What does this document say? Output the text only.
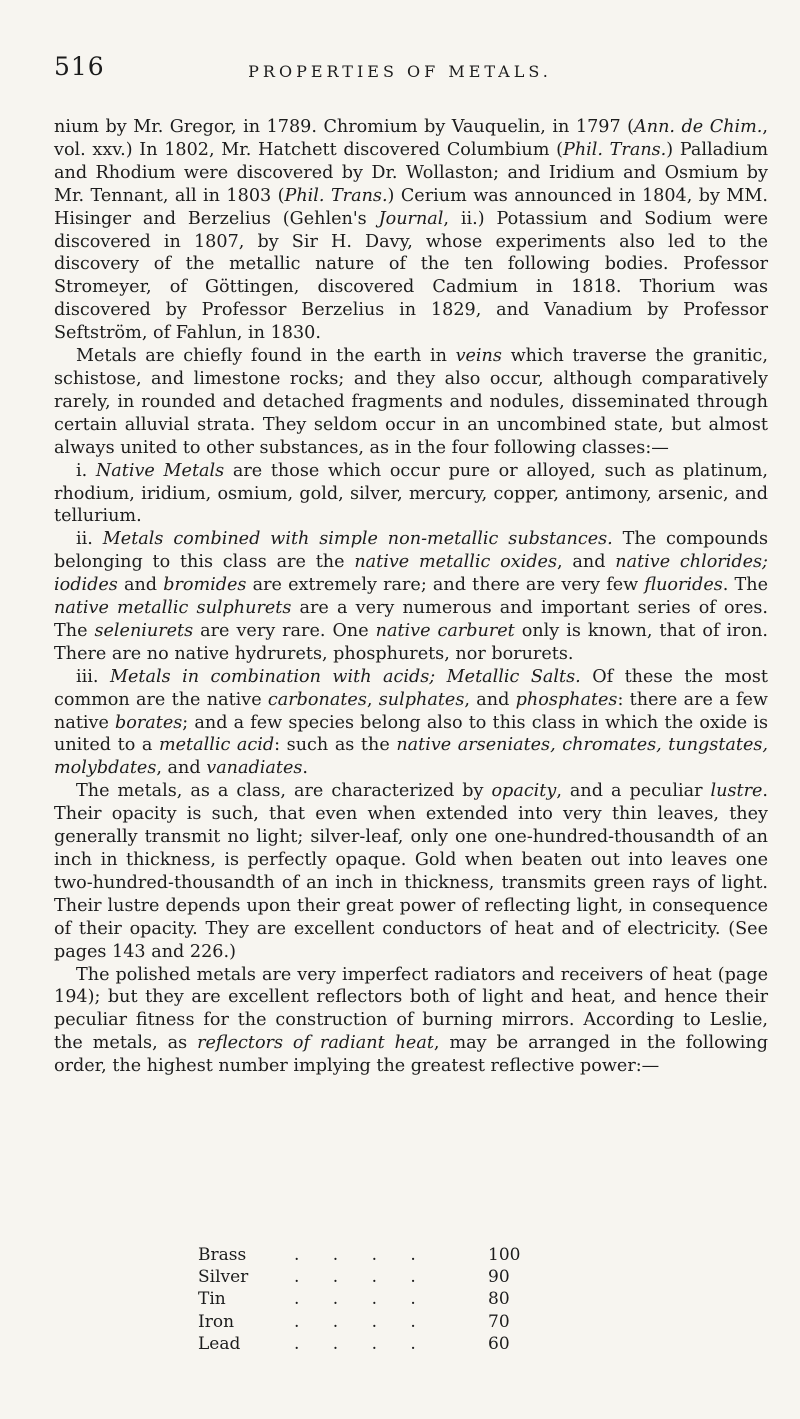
516	PROPERTIES OF METALS.

nium by Mr. Gregor, in 1789. Chromium by Vauquelin, in 1797 (Ann. de Chim., vol. xxv.) In 1802, Mr. Hatchett discovered Columbium (Phil. Trans.) Palladium and Rhodium were discovered by Dr. Wollaston; and Iridium and Osmium by Mr. Tennant, all in 1803 (Phil. Trans.) Cerium was announced in 1804, by MM. Hisinger and Berzelius (Gehlen's Journal, ii.) Potassium and Sodium were discovered in 1807, by Sir H. Davy, whose experiments also led to the discovery of the metallic nature of the ten following bodies. Professor Stromeyer, of Göttingen, discovered Cadmium in 1818. Thorium was discovered by Professor Berzelius in 1829, and Vanadium by Professor Seftström, of Fahlun, in 1830.

Metals are chiefly found in the earth in veins which traverse the granitic, schistose, and limestone rocks; and they also occur, although comparatively rarely, in rounded and detached fragments and nodules, disseminated through certain alluvial strata. They seldom occur in an uncombined state, but almost always united to other substances, as in the four following classes:—

i. Native Metals are those which occur pure or alloyed, such as platinum, rhodium, iridium, osmium, gold, silver, mercury, copper, antimony, arsenic, and tellurium.

ii. Metals combined with simple non-metallic substances. The compounds belonging to this class are the native metallic oxides, and native chlorides; iodides and bromides are extremely rare; and there are very few fluorides. The native metallic sulphurets are a very numerous and important series of ores. The seleniurets are very rare. One native carburet only is known, that of iron. There are no native hydrurets, phosphurets, nor borurets.

iii. Metals in combination with acids; Metallic Salts. Of these the most common are the native carbonates, sulphates, and phosphates: there are a few native borates; and a few species belong also to this class in which the oxide is united to a metallic acid: such as the native arseniates, chromates, tungstates, molybdates, and vanadiates.

The metals, as a class, are characterized by opacity, and a peculiar lustre. Their opacity is such, that even when extended into very thin leaves, they generally transmit no light; silver-leaf, only one one-hundred-thousandth of an inch in thickness, is perfectly opaque. Gold when beaten out into leaves one two-hundred-thousandth of an inch in thickness, transmits green rays of light. Their lustre depends upon their great power of reflecting light, in consequence of their opacity. They are excellent conductors of heat and of electricity. (See pages 143 and 226.)

The polished metals are very imperfect radiators and receivers of heat (page 194); but they are excellent reflectors both of light and heat, and hence their peculiar fitness for the construction of burning mirrors. According to Leslie, the metals, as reflectors of radiant heat, may be arranged in the following order, the highest number implying the greatest reflective power:—

Brass	. . . .	100
Silver	. . . .	90
Tin	. . . .	80
Iron	. . . .	70
Lead	. . . .	60
